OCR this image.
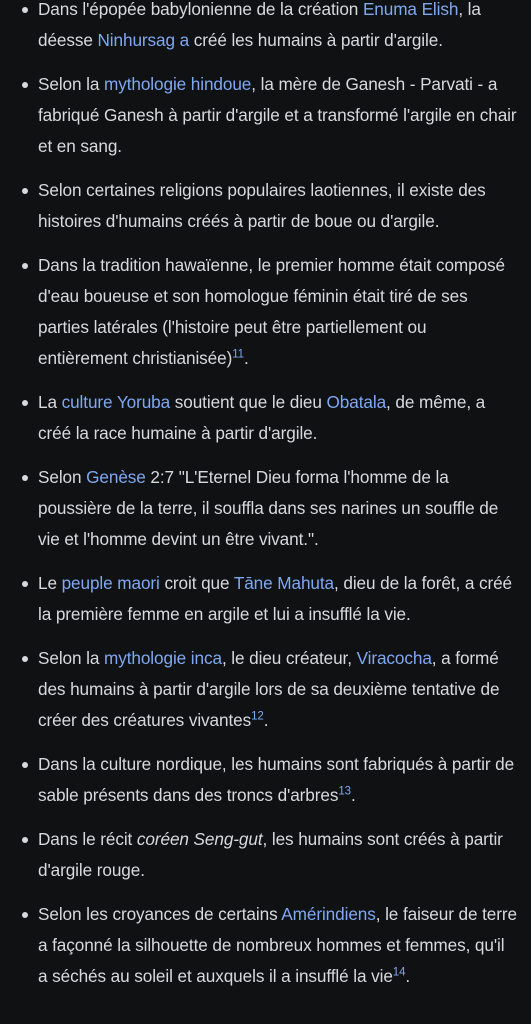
Dans l'épopée babylonienne de la création Enuma Elish, la déesse Ninhursag a créé les humains à partir d'argile.
Selon la mythologie hindoue, la mère de Ganesh - Parvati - a fabriqué Ganesh à partir d'argile et a transformé l'argile en chair et en sang.
Selon certaines religions populaires laotiennes, il existe des histoires d'humains créés à partir de boue ou d'argile.
Dans la tradition hawaïenne, le premier homme était composé d'eau boueuse et son homologue féminin était tiré de ses parties latérales (l'histoire peut être partiellement ou entièrement christianisée)$^{11}$.
La culture Yoruba soutient que le dieu Obatala, de même, a créé la race humaine à partir d'argile.
Selon Genèse 2:7 "L'Eternel Dieu forma l'homme de la poussière de la terre, il souffla dans ses narines un souffle de vie et l'homme devint un être vivant.".
Le peuple maori croit que Tāne Mahuta, dieu de la forêt, a créé la première femme en argile et lui a insufflé la vie.
Selon la mythologie inca, le dieu créateur, Viracocha, a formé des humains à partir d'argile lors de sa deuxième tentative de créer des créatures vivantes$^{12}$.
Dans la culture nordique, les humains sont fabriqués à partir de sable présents dans des troncs d'arbres$^{13}$.
Dans le récit coréen Seng-gut, les humains sont créés à partir d'argile rouge.
Selon les croyances de certains Amérindiens, le faiseur de terre a façonné la silhouette de nombreux hommes et femmes, qu'il a séchés au soleil et auxquels il a insufflé la vie$^{14}$.
